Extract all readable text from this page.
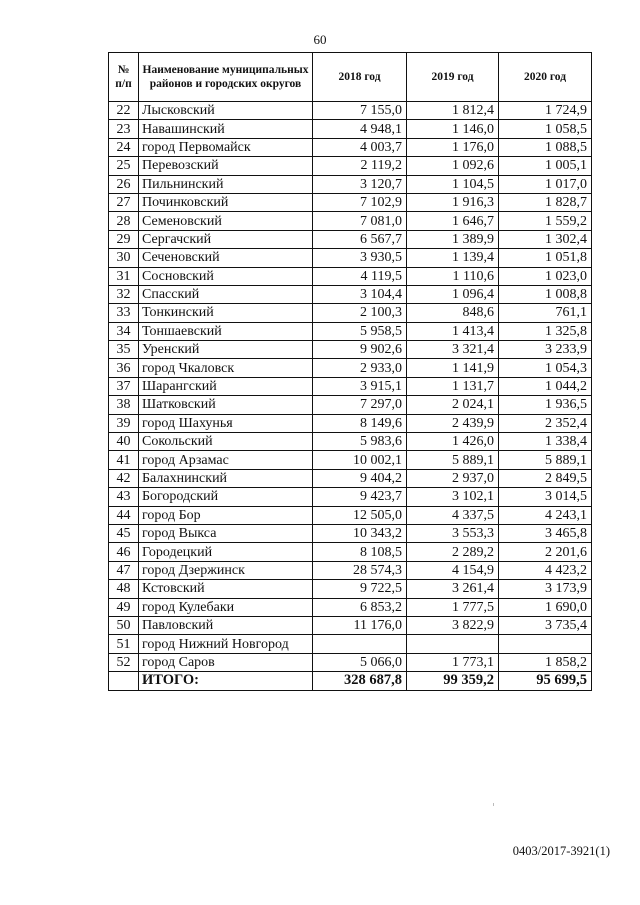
60
№ п/п	Наименование муниципальных районов и городских округов	2018 год	2019 год	2020 год
22	Лысковский	7 155,0	1 812,4	1 724,9
23	Навашинский	4 948,1	1 146,0	1 058,5
24	город Первомайск	4 003,7	1 176,0	1 088,5
25	Перевозский	2 119,2	1 092,6	1 005,1
26	Пильнинский	3 120,7	1 104,5	1 017,0
27	Починковский	7 102,9	1 916,3	1 828,7
28	Семеновский	7 081,0	1 646,7	1 559,2
29	Сергачский	6 567,7	1 389,9	1 302,4
30	Сеченовский	3 930,5	1 139,4	1 051,8
31	Сосновский	4 119,5	1 110,6	1 023,0
32	Спасский	3 104,4	1 096,4	1 008,8
33	Тонкинский	2 100,3	848,6	761,1
34	Тоншаевский	5 958,5	1 413,4	1 325,8
35	Уренский	9 902,6	3 321,4	3 233,9
36	город Чкаловск	2 933,0	1 141,9	1 054,3
37	Шарангский	3 915,1	1 131,7	1 044,2
38	Шатковский	7 297,0	2 024,1	1 936,5
39	город Шахунья	8 149,6	2 439,9	2 352,4
40	Сокольский	5 983,6	1 426,0	1 338,4
41	город Арзамас	10 002,1	5 889,1	5 889,1
42	Балахнинский	9 404,2	2 937,0	2 849,5
43	Богородский	9 423,7	3 102,1	3 014,5
44	город Бор	12 505,0	4 337,5	4 243,1
45	город Выкса	10 343,2	3 553,3	3 465,8
46	Городецкий	8 108,5	2 289,2	2 201,6
47	город Дзержинск	28 574,3	4 154,9	4 423,2
48	Кстовский	9 722,5	3 261,4	3 173,9
49	город Кулебаки	6 853,2	1 777,5	1 690,0
50	Павловский	11 176,0	3 822,9	3 735,4
51	город Нижний Новгород			
52	город Саров	5 066,0	1 773,1	1 858,2
	ИТОГО:	328 687,8	99 359,2	95 699,5
0403/2017-3921(1)
